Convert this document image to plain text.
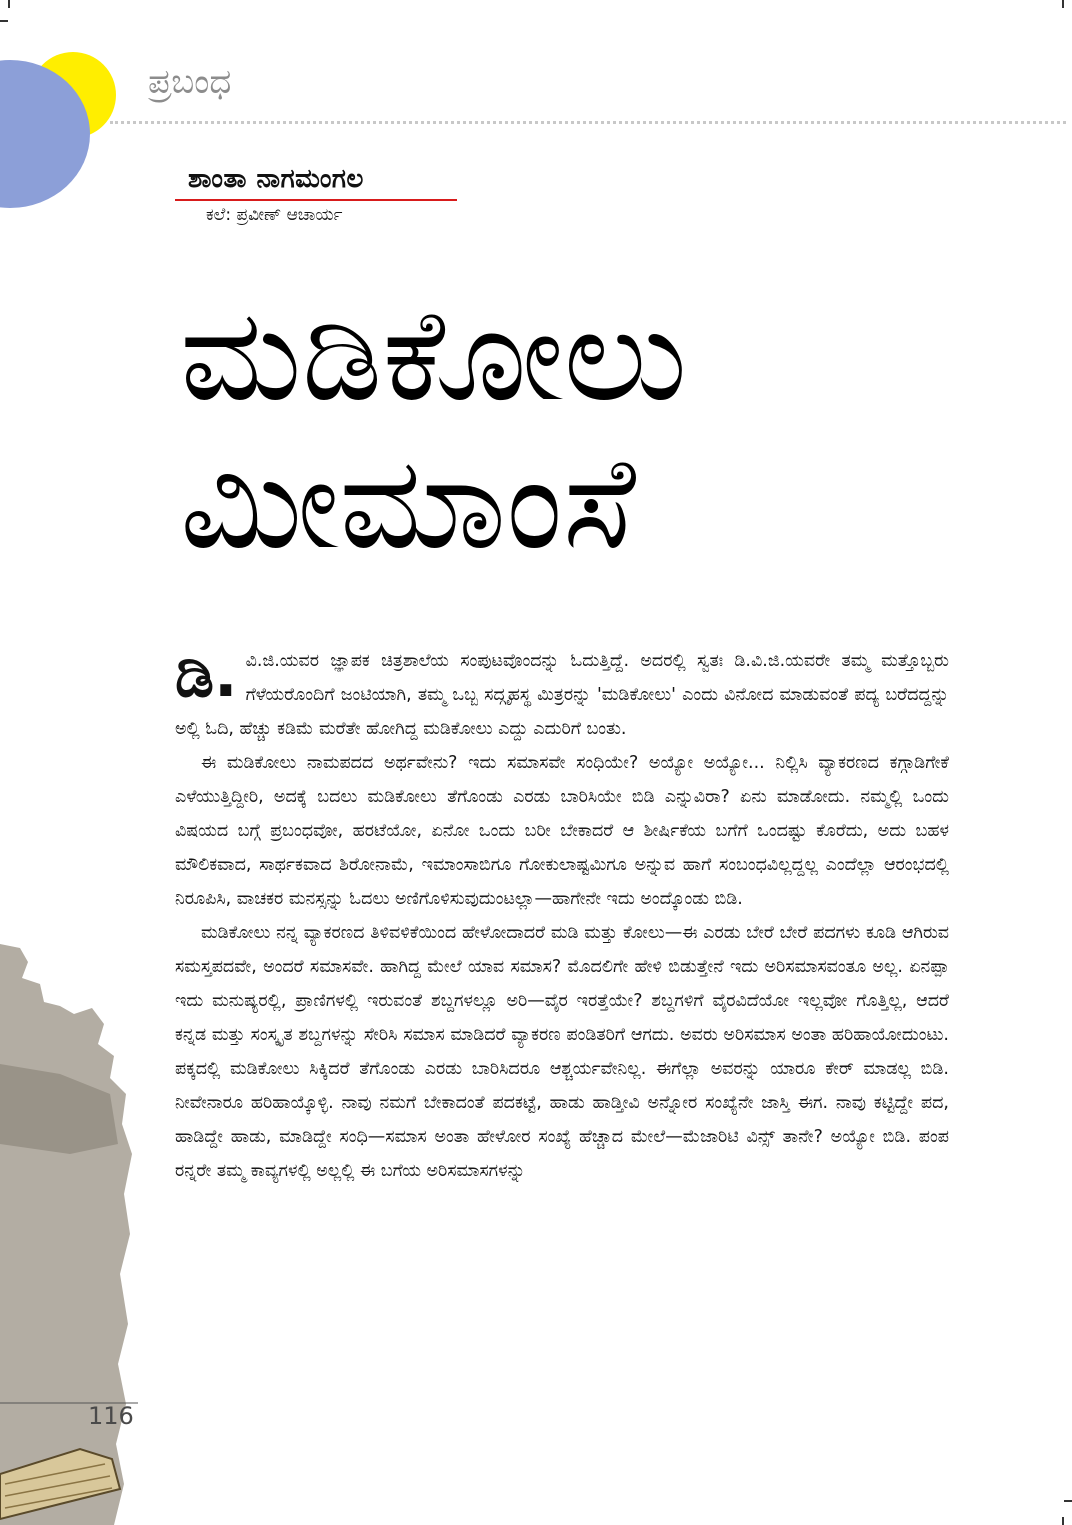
ಪ್ರಬಂಧ
ಶಾಂತಾ ನಾಗಮಂಗಲ
ಕಲೆ: ಪ್ರವೀಣ್ ಆಚಾರ್ಯ
ಮಡಿಕೋಲು
ಮೀಮಾಂಸೆ

ಡಿ. ವಿ.ಜಿ.ಯವರ ಜ್ಞಾಪಕ ಚಿತ್ರಶಾಲೆಯ ಸಂಪುಟವೊಂದನ್ನು ಓದುತ್ತಿದ್ದೆ. ಅದರಲ್ಲಿ ಸ್ವತಃ ಡಿ.ವಿ.ಜಿ.ಯವರೇ ತಮ್ಮ ಮತ್ತೊಬ್ಬರು ಗೆಳೆಯರೊಂದಿಗೆ ಜಂಟಿಯಾಗಿ, ತಮ್ಮ ಒಬ್ಬ ಸದ್ಗೃಹಸ್ಥ ಮಿತ್ರರನ್ನು 'ಮಡಿಕೋಲು' ಎಂದು ವಿನೋದ ಮಾಡುವಂತೆ ಪದ್ಯ ಬರೆದದ್ದನ್ನು ಅಲ್ಲಿ ಓದಿ, ಹೆಚ್ಚು ಕಡಿಮೆ ಮರೆತೇ ಹೋಗಿದ್ದ ಮಡಿಕೋಲು ಎದ್ದು ಎದುರಿಗೆ ಬಂತು.

ಈ ಮಡಿಕೋಲು ನಾಮಪದದ ಅರ್ಥವೇನು? ಇದು ಸಮಾಸವೇ ಸಂಧಿಯೇ? ಅಯ್ಯೋ ಅಯ್ಯೋ... ನಿಲ್ಲಿಸಿ ವ್ಯಾಕರಣದ ಕಗ್ಗಾಡಿಗೇಕೆ ಎಳೆಯುತ್ತಿದ್ದೀರಿ, ಅದಕ್ಕೆ ಬದಲು ಮಡಿಕೋಲು ತೆಗೊಂಡು ಎರಡು ಬಾರಿಸಿಯೇ ಬಿಡಿ ಎನ್ನುವಿರಾ? ಏನು ಮಾಡೋದು. ನಮ್ಮಲ್ಲಿ ಒಂದು ವಿಷಯದ ಬಗ್ಗೆ ಪ್ರಬಂಧವೋ, ಹರಟೆಯೋ, ಏನೋ ಒಂದು ಬರೀ ಬೇಕಾದರೆ ಆ ಶೀರ್ಷಿಕೆಯ ಬಗೆಗೆ ಒಂದಷ್ಟು ಕೊರೆದು, ಅದು ಬಹಳ ಮೌಲಿಕವಾದ, ಸಾರ್ಥಕವಾದ ಶಿರೋನಾಮೆ, ಇಮಾಂಸಾಬಿಗೂ ಗೋಕುಲಾಷ್ಟಮಿಗೂ ಅನ್ನುವ ಹಾಗೆ ಸಂಬಂಧವಿಲ್ಲದ್ದಲ್ಲ ಎಂದೆಲ್ಲಾ ಆರಂಭದಲ್ಲಿ ನಿರೂಪಿಸಿ, ವಾಚಕರ ಮನಸ್ಸನ್ನು ಓದಲು ಅಣಿಗೊಳಿಸುವುದುಂಟಲ್ಲಾ—ಹಾಗೇನೇ ಇದು ಅಂದ್ಕೊಂಡು ಬಿಡಿ.

ಮಡಿಕೋಲು ನನ್ನ ವ್ಯಾಕರಣದ ತಿಳಿವಳಿಕೆಯಿಂದ ಹೇಳೋದಾದರೆ ಮಡಿ ಮತ್ತು ಕೋಲು—ಈ ಎರಡು ಬೇರೆ ಬೇರೆ ಪದಗಳು ಕೂಡಿ ಆಗಿರುವ ಸಮಸ್ತಪದವೇ, ಅಂದರೆ ಸಮಾಸವೇ. ಹಾಗಿದ್ದ ಮೇಲೆ ಯಾವ ಸಮಾಸ? ಮೊದಲಿಗೇ ಹೇಳಿ ಬಿಡುತ್ತೇನೆ ಇದು ಅರಿಸಮಾಸವಂತೂ ಅಲ್ಲ. ಏನಪ್ಪಾ ಇದು ಮನುಷ್ಯರಲ್ಲಿ, ಪ್ರಾಣಿಗಳಲ್ಲಿ ಇರುವಂತೆ ಶಬ್ದಗಳಲ್ಲೂ ಅರಿ—ವೈರ ಇರತ್ತೆಯೇ? ಶಬ್ದಗಳಿಗೆ ವೈರವಿದೆಯೋ ಇಲ್ಲವೋ ಗೊತ್ತಿಲ್ಲ, ಆದರೆ ಕನ್ನಡ ಮತ್ತು ಸಂಸ್ಕೃತ ಶಬ್ದಗಳನ್ನು ಸೇರಿಸಿ ಸಮಾಸ ಮಾಡಿದರೆ ವ್ಯಾಕರಣ ಪಂಡಿತರಿಗೆ ಆಗದು. ಅವರು ಅರಿಸಮಾಸ ಅಂತಾ ಹರಿಹಾಯೋದುಂಟು. ಪಕ್ಕದಲ್ಲಿ ಮಡಿಕೋಲು ಸಿಕ್ಕಿದರೆ ತೆಗೊಂಡು ಎರಡು ಬಾರಿಸಿದರೂ ಆಶ್ಚರ್ಯವೇನಿಲ್ಲ. ಈಗೆಲ್ಲಾ ಅವರನ್ನು ಯಾರೂ ಕೇರ್ ಮಾಡಲ್ಲ ಬಿಡಿ. ನೀವೇನಾರೂ ಹರಿಹಾಯ್ಕೊಳ್ಳಿ. ನಾವು ನಮಗೆ ಬೇಕಾದಂತೆ ಪದಕಟ್ಟೆ, ಹಾಡು ಹಾಡ್ತೀವಿ ಅನ್ನೋರ ಸಂಖ್ಯೆನೇ ಜಾಸ್ತಿ ಈಗ. ನಾವು ಕಟ್ಟಿದ್ದೇ ಪದ, ಹಾಡಿದ್ದೇ ಹಾಡು, ಮಾಡಿದ್ದೇ ಸಂಧಿ—ಸಮಾಸ ಅಂತಾ ಹೇಳೋರ ಸಂಖ್ಯೆ ಹೆಚ್ಚಾದ ಮೇಲೆ—ಮೆಜಾರಿಟಿ ವಿನ್ಸ್ ತಾನೇ? ಅಯ್ಯೋ ಬಿಡಿ. ಪಂಪ ರನ್ನರೇ ತಮ್ಮ ಕಾವ್ಯಗಳಲ್ಲಿ ಅಲ್ಲಲ್ಲಿ ಈ ಬಗೆಯ ಅರಿಸಮಾಸಗಳನ್ನು

116
